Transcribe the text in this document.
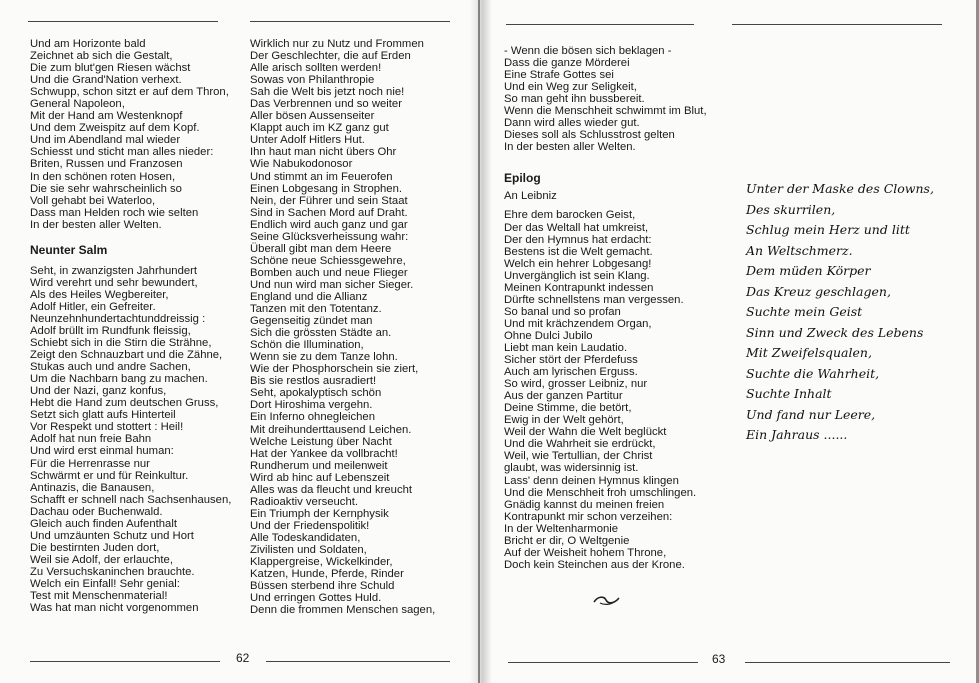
Und am Horizonte bald
Zeichnet ab sich die Gestalt,
Die zum blut'gen Riesen wächst
Und die Grand'Nation verhext.
Schwupp, schon sitzt er auf dem Thron,
General Napoleon,
Mit der Hand am Westenknopf
Und dem Zweispitz auf dem Kopf.
Und im Abendland mal wieder
Schiesst und sticht man alles nieder:
Briten, Russen und Franzosen
In den schönen roten Hosen,
Die sie sehr wahrscheinlich so
Voll gehabt bei Waterloo,
Dass man Helden roch wie selten
In der besten aller Welten.
Neunter Salm
Seht, in zwanzigsten Jahrhundert
Wird verehrt und sehr bewundert,
Als des Heiles Wegbereiter,
Adolf Hitler, ein Gefreiter.
Neunzehnhundertachtunddreissig :
Adolf brüllt im Rundfunk fleissig,
Schiebt sich in die Stirn die Strähne,
Zeigt den Schnauzbart und die Zähne,
Stukas auch und andre Sachen,
Um die Nachbarn bang zu machen.
Und der Nazi, ganz konfus,
Hebt die Hand zum deutschen Gruss,
Setzt sich glatt aufs Hinterteil
Vor Respekt und stottert : Heil!
Adolf hat nun freie Bahn
Und wird erst einmal human:
Für die Herrenrasse nur
Schwärmt er und für Reinkultur.
Antinazis, die Banausen,
Schafft er schnell nach Sachsenhausen,
Dachau oder Buchenwald.
Gleich auch finden Aufenthalt
Und umzäunten Schutz und Hort
Die bestirnten Juden dort,
Weil sie Adolf, der erlauchte,
Zu Versuchskaninchen brauchte.
Welch ein Einfall! Sehr genial:
Test mit Menschenmaterial!
Was hat man nicht vorgenommen
Wirklich nur zu Nutz und Frommen
Der Geschlechter, die auf Erden
Alle arisch sollten werden!
Sowas von Philanthropie
Sah die Welt bis jetzt noch nie!
Das Verbrennen und so weiter
Aller bösen Aussenseiter
Klappt auch im KZ ganz gut
Unter Adolf Hitlers Hut.
Ihn haut man nicht übers Ohr
Wie Nabukodonosor
Und stimmt an im Feuerofen
Einen Lobgesang in Strophen.
Nein, der Führer und sein Staat
Sind in Sachen Mord auf Draht.
Endlich wird auch ganz und gar
Seine Glücksverheissung wahr:
Überall gibt man dem Heere
Schöne neue Schiessgewehre,
Bomben auch und neue Flieger
Und nun wird man sicher Sieger.
England und die Allianz
Tanzen mit den Totentanz.
Gegenseitig zündet man
Sich die grössten Städte an.
Schön die Illumination,
Wenn sie zu dem Tanze lohn.
Wie der Phosphorschein sie ziert,
Bis sie restlos ausradiert!
Seht, apokalyptisch schön
Dort Hiroshima vergehn.
Ein Inferno ohnegleichen
Mit dreihunderttausend Leichen.
Welche Leistung über Nacht
Hat der Yankee da vollbracht!
Rundherum und meilenweit
Wird ab hinc auf Lebenszeit
Alles was da fleucht und kreucht
Radioaktiv verseucht.
Ein Triumph der Kernphysik
Und der Friedenspolitik!
Alle Todeskandidaten,
Zivilisten und Soldaten,
Klappergreise, Wickelkinder,
Katzen, Hunde, Pferde, Rinder
Büssen sterbend ihre Schuld
Und erringen Gottes Huld.
Denn die frommen Menschen sagen,
62
- Wenn die bösen sich beklagen -
Dass die ganze Mörderei
Eine Strafe Gottes sei
Und ein Weg zur Seligkeit,
So man geht ihn bussbereit.
Wenn die Menschheit schwimmt im Blut,
Dann wird alles wieder gut.
Dieses soll als Schlusstrost gelten
In der besten aller Welten.
Epilog
An Leibniz
Ehre dem barocken Geist,
Der das Weltall hat umkreist,
Der den Hymnus hat erdacht:
Bestens ist die Welt gemacht.
Welch ein hehrer Lobgesang!
Unvergänglich ist sein Klang.
Meinen Kontrapunkt indessen
Dürfte schnellstens man vergessen.
So banal und so profan
Und mit krächzendem Organ,
Ohne Dulci Jubilo
Liebt man kein Laudatio.
Sicher stört der Pferdefuss
Auch am lyrischen Erguss.
So wird, grosser Leibniz, nur
Aus der ganzen Partitur
Deine Stimme, die betört,
Ewig in der Welt gehört,
Weil der Wahn die Welt beglückt
Und die Wahrheit sie erdrückt,
Weil, wie Tertullian, der Christ
glaubt, was widersinnig ist.
Lass' denn deinen Hymnus klingen
Und die Menschheit froh umschlingen.
Gnädig kannst du meinen freien
Kontrapunkt mir schon verzeihen:
In der Weltenharmonie
Bricht er dir, O Weltgenie
Auf der Weisheit hohem Throne,
Doch kein Steinchen aus der Krone.
Unter der Maske des Clowns,
Des skurrilen,
Schlug mein Herz und litt
An Weltschmerz.
Dem müden Körper
Das Kreuz geschlagen,
Suchte mein Geist
Sinn und Zweck des Lebens
Mit Zweifelsqualen,
Suchte die Wahrheit,
Suchte Inhalt
Und fand nur Leere,
Ein Jahraus ......
63
